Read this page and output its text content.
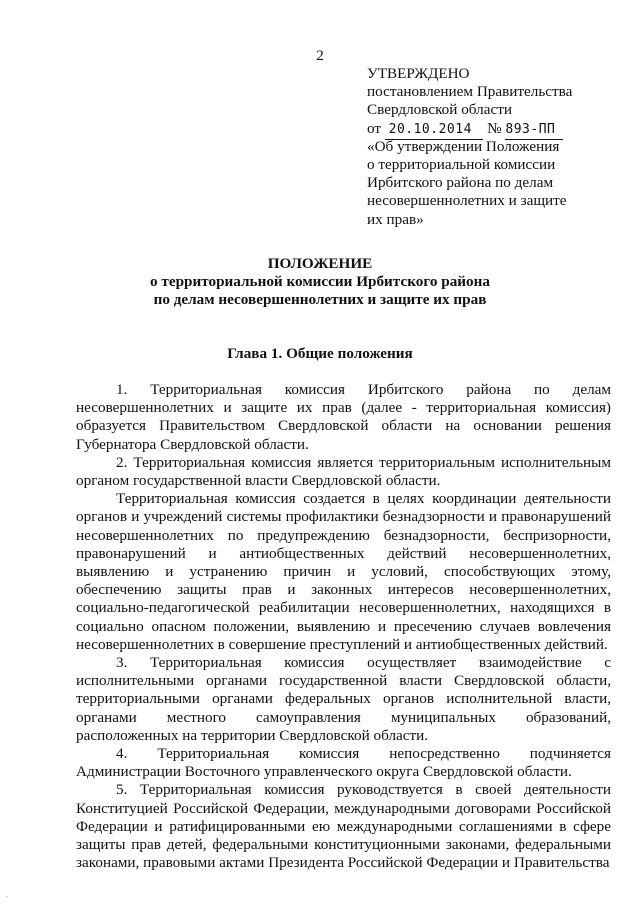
2
УТВЕРЖДЕНО
постановлением Правительства
Свердловской области
от 20.10.2014 № 893-ПП
«Об утверждении Положения
о территориальной комиссии
Ирбитского района по делам
несовершеннолетних и защите
их прав»
ПОЛОЖЕНИЕ
о территориальной комиссии Ирбитского района
по делам несовершеннолетних и защите их прав
Глава 1. Общие положения

1. Территориальная комиссия Ирбитского района по делам несовершеннолетних и защите их прав (далее - территориальная комиссия) образуется Правительством Свердловской области на основании решения Губернатора Свердловской области.

2. Территориальная комиссия является территориальным исполнительным органом государственной власти Свердловской области.

Территориальная комиссия создается в целях координации деятельности органов и учреждений системы профилактики безнадзорности и правонарушений несовершеннолетних по предупреждению безнадзорности, беспризорности, правонарушений и антиобщественных действий несовершеннолетних, выявлению и устранению причин и условий, способствующих этому, обеспечению защиты прав и законных интересов несовершеннолетних, социально-педагогической реабилитации несовершеннолетних, находящихся в социально опасном положении, выявлению и пресечению случаев вовлечения несовершеннолетних в совершение преступлений и антиобщественных действий.

3. Территориальная комиссия осуществляет взаимодействие с исполнительными органами государственной власти Свердловской области, территориальными органами федеральных органов исполнительной власти, органами местного самоуправления муниципальных образований, расположенных на территории Свердловской области.

4. Территориальная комиссия непосредственно подчиняется Администрации Восточного управленческого округа Свердловской области.

5. Территориальная комиссия руководствуется в своей деятельности Конституцией Российской Федерации, международными договорами Российской Федерации и ратифицированными ею международными соглашениями в сфере защиты прав детей, федеральными конституционными законами, федеральными законами, правовыми актами Президента Российской Федерации и Правительства

.
